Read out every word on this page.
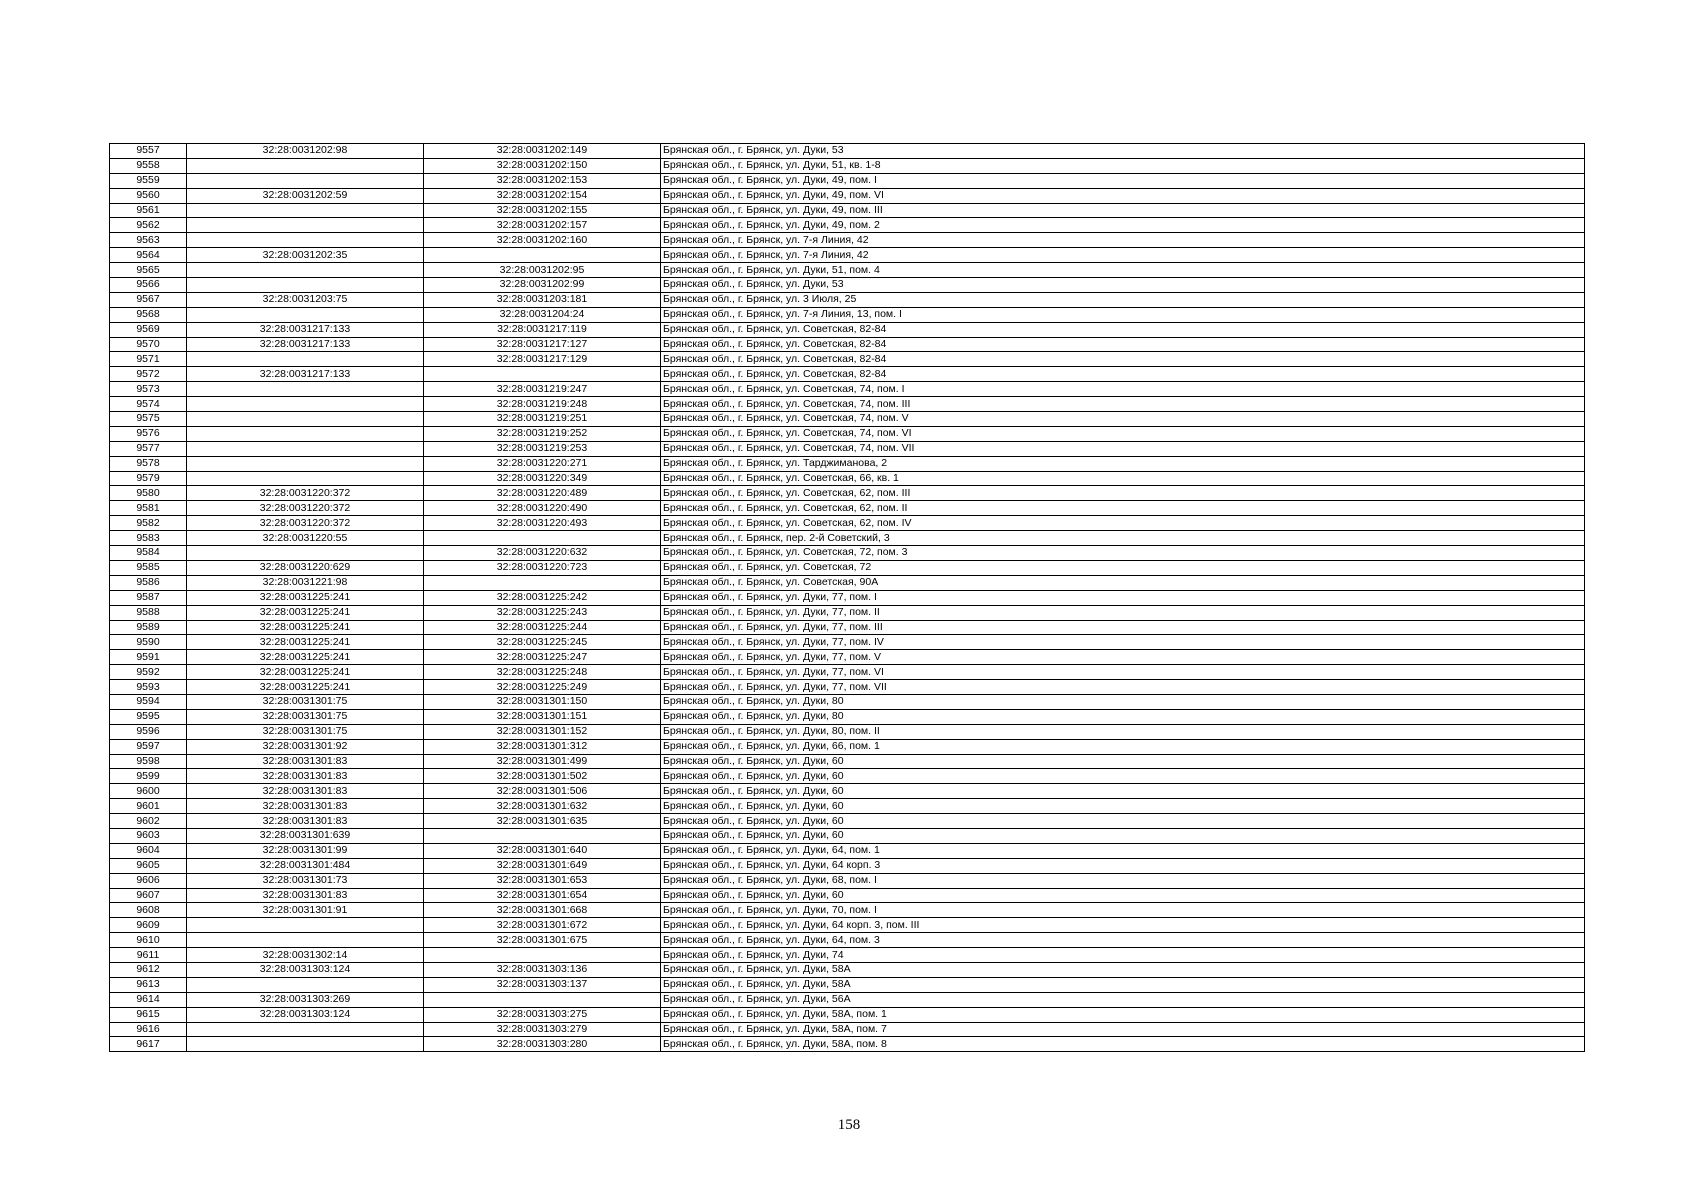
9557	32:28:0031202:98	32:28:0031202:149	Брянская обл., г. Брянск, ул. Дуки, 53
9558		32:28:0031202:150	Брянская обл., г. Брянск, ул. Дуки, 51, кв. 1-8
9559		32:28:0031202:153	Брянская обл., г. Брянск, ул. Дуки, 49, пом. I
9560	32:28:0031202:59	32:28:0031202:154	Брянская обл., г. Брянск, ул. Дуки, 49, пом. VI
9561		32:28:0031202:155	Брянская обл., г. Брянск, ул. Дуки, 49, пом. III
9562		32:28:0031202:157	Брянская обл., г. Брянск, ул. Дуки, 49, пом. 2
9563		32:28:0031202:160	Брянская обл., г. Брянск, ул. 7-я Линия, 42
9564	32:28:0031202:35		Брянская обл., г. Брянск, ул. 7-я Линия, 42
9565		32:28:0031202:95	Брянская обл., г. Брянск, ул. Дуки, 51, пом. 4
9566		32:28:0031202:99	Брянская обл., г. Брянск, ул. Дуки, 53
9567	32:28:0031203:75	32:28:0031203:181	Брянская обл., г. Брянск, ул. 3 Июля, 25
9568		32:28:0031204:24	Брянская обл., г. Брянск, ул. 7-я Линия, 13, пом. I
9569	32:28:0031217:133	32:28:0031217:119	Брянская обл., г. Брянск, ул. Советская, 82-84
9570	32:28:0031217:133	32:28:0031217:127	Брянская обл., г. Брянск, ул. Советская, 82-84
9571		32:28:0031217:129	Брянская обл., г. Брянск, ул. Советская, 82-84
9572	32:28:0031217:133		Брянская обл., г. Брянск, ул. Советская, 82-84
9573		32:28:0031219:247	Брянская обл., г. Брянск, ул. Советская, 74, пом. I
9574		32:28:0031219:248	Брянская обл., г. Брянск, ул. Советская, 74, пом. III
9575		32:28:0031219:251	Брянская обл., г. Брянск, ул. Советская, 74, пом. V
9576		32:28:0031219:252	Брянская обл., г. Брянск, ул. Советская, 74, пом. VI
9577		32:28:0031219:253	Брянская обл., г. Брянск, ул. Советская, 74, пом. VII
9578		32:28:0031220:271	Брянская обл., г. Брянск, ул. Тарджиманова, 2
9579		32:28:0031220:349	Брянская обл., г. Брянск, ул. Советская, 66, кв. 1
9580	32:28:0031220:372	32:28:0031220:489	Брянская обл., г. Брянск, ул. Советская, 62, пом. III
9581	32:28:0031220:372	32:28:0031220:490	Брянская обл., г. Брянск, ул. Советская, 62, пом. II
9582	32:28:0031220:372	32:28:0031220:493	Брянская обл., г. Брянск, ул. Советская, 62, пом. IV
9583	32:28:0031220:55		Брянская обл., г. Брянск, пер. 2-й Советский, 3
9584		32:28:0031220:632	Брянская обл., г. Брянск, ул. Советская, 72, пом. 3
9585	32:28:0031220:629	32:28:0031220:723	Брянская обл., г. Брянск, ул. Советская, 72
9586	32:28:0031221:98		Брянская обл., г. Брянск, ул. Советская, 90А
9587	32:28:0031225:241	32:28:0031225:242	Брянская обл., г. Брянск, ул. Дуки, 77, пом. I
9588	32:28:0031225:241	32:28:0031225:243	Брянская обл., г. Брянск, ул. Дуки, 77, пом. II
9589	32:28:0031225:241	32:28:0031225:244	Брянская обл., г. Брянск, ул. Дуки, 77, пом. III
9590	32:28:0031225:241	32:28:0031225:245	Брянская обл., г. Брянск, ул. Дуки, 77, пом. IV
9591	32:28:0031225:241	32:28:0031225:247	Брянская обл., г. Брянск, ул. Дуки, 77, пом. V
9592	32:28:0031225:241	32:28:0031225:248	Брянская обл., г. Брянск, ул. Дуки, 77, пом. VI
9593	32:28:0031225:241	32:28:0031225:249	Брянская обл., г. Брянск, ул. Дуки, 77, пом. VII
9594	32:28:0031301:75	32:28:0031301:150	Брянская обл., г. Брянск, ул. Дуки, 80
9595	32:28:0031301:75	32:28:0031301:151	Брянская обл., г. Брянск, ул. Дуки, 80
9596	32:28:0031301:75	32:28:0031301:152	Брянская обл., г. Брянск, ул. Дуки, 80, пом. II
9597	32:28:0031301:92	32:28:0031301:312	Брянская обл., г. Брянск, ул. Дуки, 66, пом. 1
9598	32:28:0031301:83	32:28:0031301:499	Брянская обл., г. Брянск, ул. Дуки, 60
9599	32:28:0031301:83	32:28:0031301:502	Брянская обл., г. Брянск, ул. Дуки, 60
9600	32:28:0031301:83	32:28:0031301:506	Брянская обл., г. Брянск, ул. Дуки, 60
9601	32:28:0031301:83	32:28:0031301:632	Брянская обл., г. Брянск, ул. Дуки, 60
9602	32:28:0031301:83	32:28:0031301:635	Брянская обл., г. Брянск, ул. Дуки, 60
9603	32:28:0031301:639		Брянская обл., г. Брянск, ул. Дуки, 60
9604	32:28:0031301:99	32:28:0031301:640	Брянская обл., г. Брянск, ул. Дуки, 64, пом. 1
9605	32:28:0031301:484	32:28:0031301:649	Брянская обл., г. Брянск, ул. Дуки, 64 корп. 3
9606	32:28:0031301:73	32:28:0031301:653	Брянская обл., г. Брянск, ул. Дуки, 68, пом. I
9607	32:28:0031301:83	32:28:0031301:654	Брянская обл., г. Брянск, ул. Дуки, 60
9608	32:28:0031301:91	32:28:0031301:668	Брянская обл., г. Брянск, ул. Дуки, 70, пом. I
9609		32:28:0031301:672	Брянская обл., г. Брянск, ул. Дуки, 64 корп. 3, пом. III
9610		32:28:0031301:675	Брянская обл., г. Брянск, ул. Дуки, 64, пом. 3
9611	32:28:0031302:14		Брянская обл., г. Брянск, ул. Дуки, 74
9612	32:28:0031303:124	32:28:0031303:136	Брянская обл., г. Брянск, ул. Дуки, 58А
9613		32:28:0031303:137	Брянская обл., г. Брянск, ул. Дуки, 58А
9614	32:28:0031303:269		Брянская обл., г. Брянск, ул. Дуки, 56А
9615	32:28:0031303:124	32:28:0031303:275	Брянская обл., г. Брянск, ул. Дуки, 58А, пом. 1
9616		32:28:0031303:279	Брянская обл., г. Брянск, ул. Дуки, 58А, пом. 7
9617		32:28:0031303:280	Брянская обл., г. Брянск, ул. Дуки, 58А, пом. 8
158
